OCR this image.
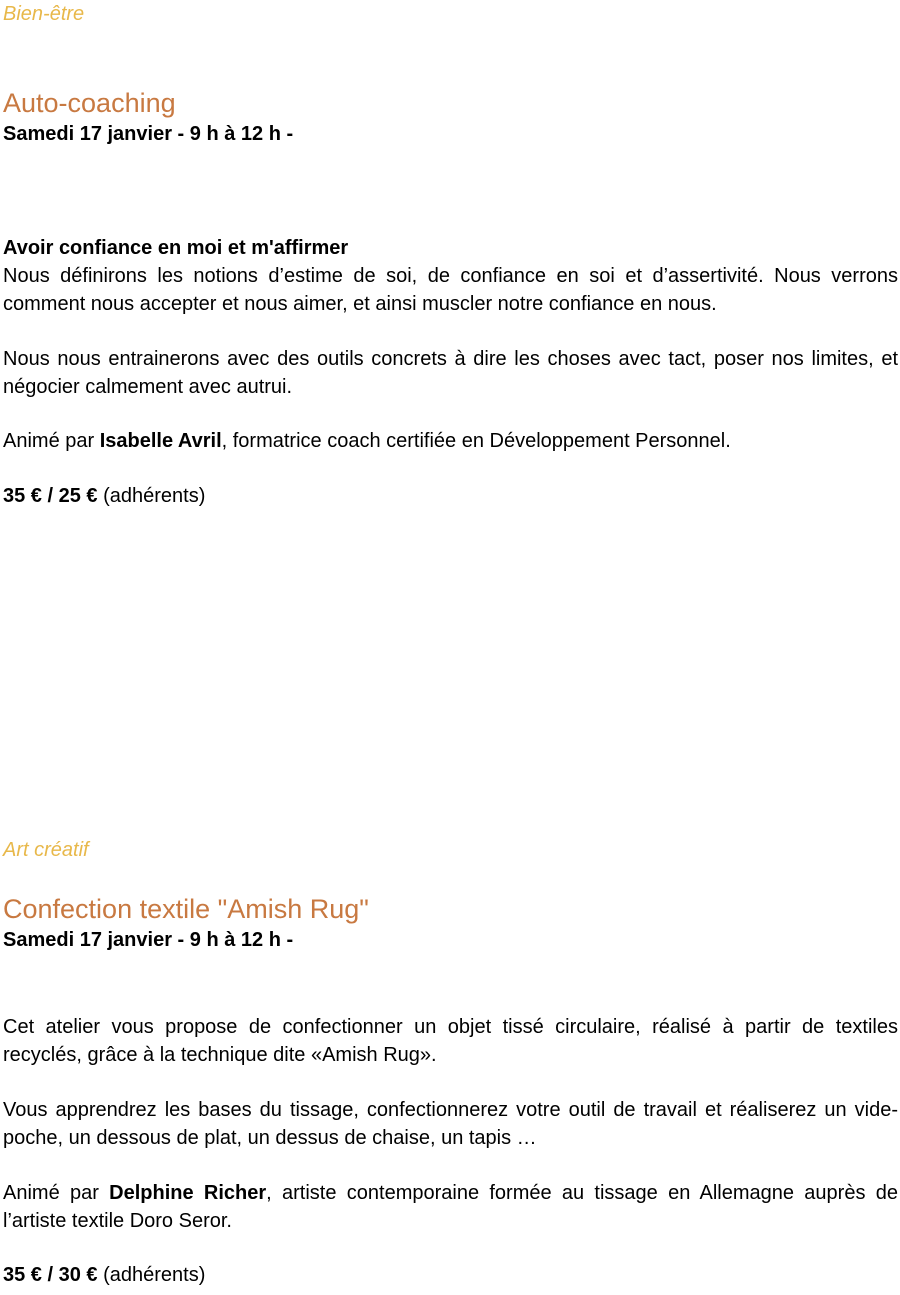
Bien-être
Auto-coaching
Samedi 17 janvier - 9 h à 12 h -
Avoir confiance en moi et m'affirmer

Nous définirons les notions d’estime de soi, de confiance en soi et d’assertivité. Nous verrons comment nous accepter et nous aimer, et ainsi muscler notre confiance en nous.

Nous nous entrainerons avec des outils concrets à dire les choses avec tact, poser nos limites, et négocier calmement avec autrui.

Animé par Isabelle Avril, formatrice coach certifiée en Développement Personnel.

35 € / 25 € (adhérents)

Art créatif
Confection textile "Amish Rug"
Samedi 17 janvier - 9 h à 12 h -

Cet atelier vous propose de confectionner un objet tissé circulaire, réalisé à partir de textiles recyclés, grâce à la technique dite «Amish Rug».

Vous apprendrez les bases du tissage, confectionnerez votre outil de travail et réaliserez un vide-poche, un dessous de plat, un dessus de chaise, un tapis …

Animé par Delphine Richer, artiste contemporaine formée au tissage en Allemagne auprès de l’artiste textile Doro Seror.

35 € / 30 € (adhérents)
